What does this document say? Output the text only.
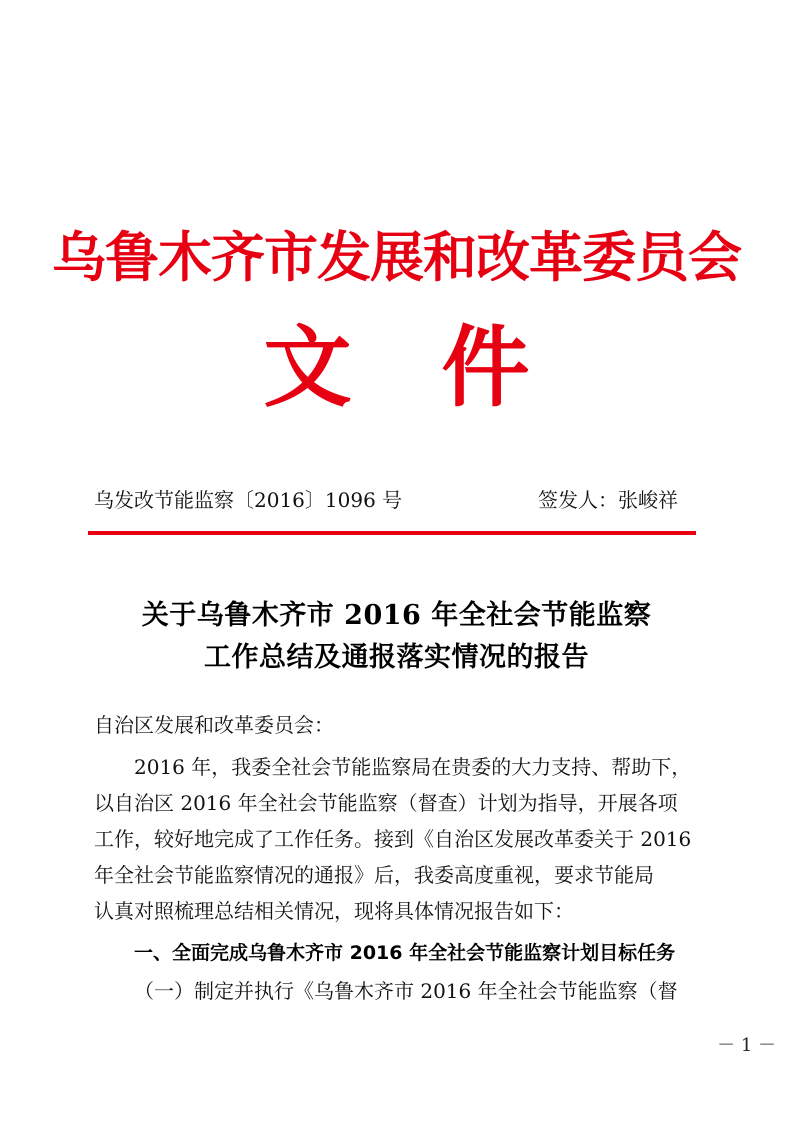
乌鲁木齐市发展和改革委员会
文 件
乌发改节能监察〔2016〕1096 号	签发人：张峻祥
关于乌鲁木齐市 2016 年全社会节能监察
工作总结及通报落实情况的报告
自治区发展和改革委员会：
2016 年，我委全社会节能监察局在贵委的大力支持、帮助下，
以自治区 2016 年全社会节能监察（督查）计划为指导，开展各项
工作，较好地完成了工作任务。接到《自治区发展改革委关于 2016
年全社会节能监察情况的通报》后，我委高度重视，要求节能局
认真对照梳理总结相关情况，现将具体情况报告如下：
一、全面完成乌鲁木齐市 2016 年全社会节能监察计划目标任务
（一）制定并执行《乌鲁木齐市 2016 年全社会节能监察（督
－ 1 －
